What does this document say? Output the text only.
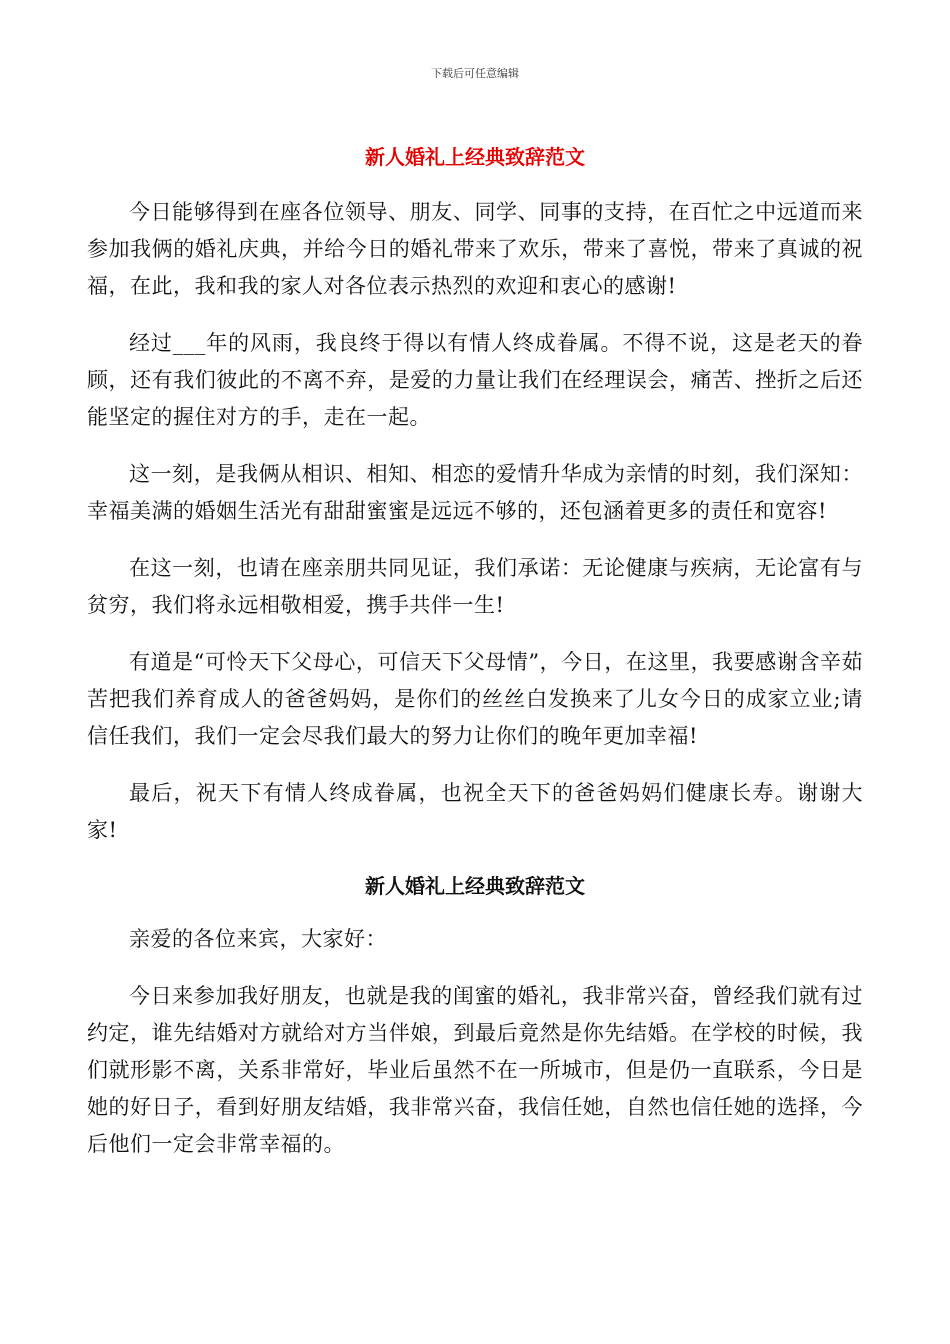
下载后可任意编辑
新人婚礼上经典致辞范文

今日能够得到在座各位领导、朋友、同学、同事的支持，在百忙之中远道而来参加我俩的婚礼庆典，并给今日的婚礼带来了欢乐，带来了喜悦，带来了真诚的祝福，在此，我和我的家人对各位表示热烈的欢迎和衷心的感谢!

经过___年的风雨，我良终于得以有情人终成眷属。不得不说，这是老天的眷顾，还有我们彼此的不离不弃，是爱的力量让我们在经理误会，痛苦、挫折之后还能坚定的握住对方的手，走在一起。

这一刻，是我俩从相识、相知、相恋的爱情升华成为亲情的时刻，我们深知：幸福美满的婚姻生活光有甜甜蜜蜜是远远不够的，还包涵着更多的责任和宽容!

在这一刻，也请在座亲朋共同见证，我们承诺：无论健康与疾病，无论富有与贫穷，我们将永远相敬相爱，携手共伴一生!

有道是“可怜天下父母心，可信天下父母情”，今日，在这里，我要感谢含辛茹苦把我们养育成人的爸爸妈妈，是你们的丝丝白发换来了儿女今日的成家立业;请信任我们，我们一定会尽我们最大的努力让你们的晚年更加幸福!

最后，祝天下有情人终成眷属，也祝全天下的爸爸妈妈们健康长寿。谢谢大家!

新人婚礼上经典致辞范文

亲爱的各位来宾，大家好：

今日来参加我好朋友，也就是我的闺蜜的婚礼，我非常兴奋，曾经我们就有过约定，谁先结婚对方就给对方当伴娘，到最后竟然是你先结婚。在学校的时候，我们就形影不离，关系非常好，毕业后虽然不在一所城市，但是仍一直联系，今日是她的好日子，看到好朋友结婚，我非常兴奋，我信任她，自然也信任她的选择，今后他们一定会非常幸福的。
